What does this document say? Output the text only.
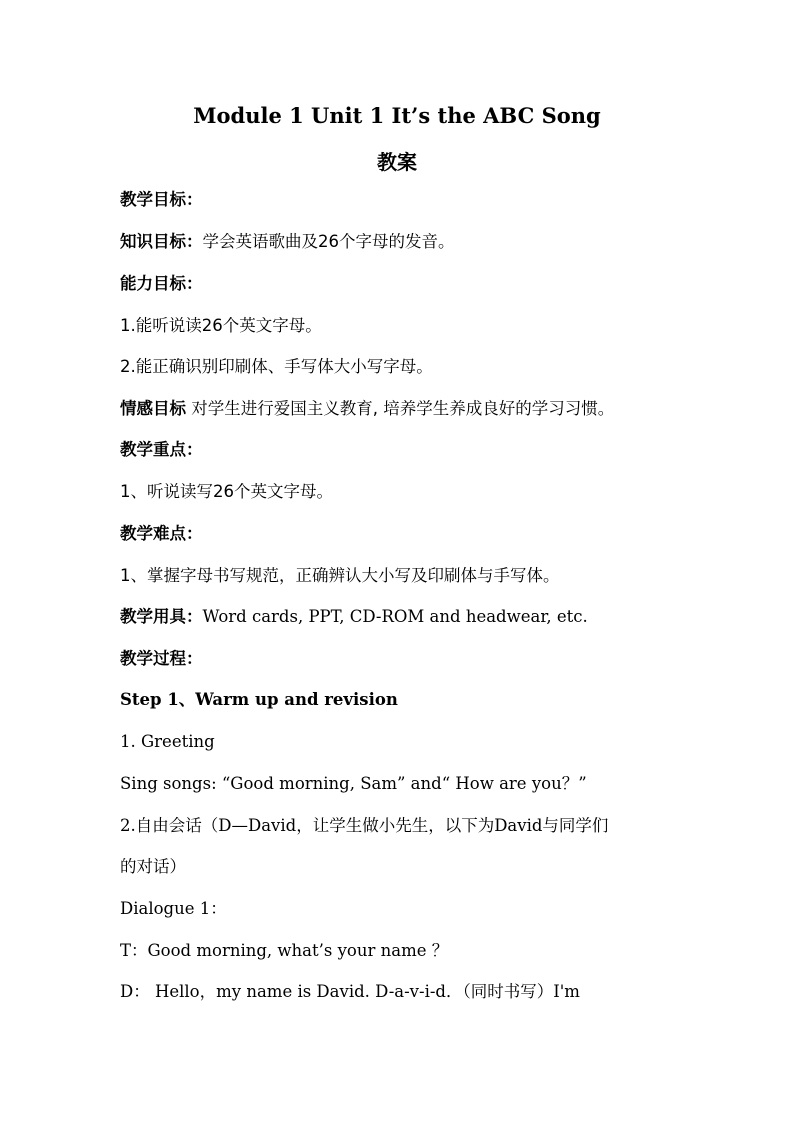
Module 1 Unit 1 It’s the ABC Song
教案
教学目标：
知识目标：学会英语歌曲及26个字母的发音。
能力目标：
1.能听说读26个英文字母。
2.能正确识别印刷体、手写体大小写字母。
情感目标 对学生进行爱国主义教育, 培养学生养成良好的学习习惯。
教学重点：
1、听说读写26个英文字母。
教学难点：
1、掌握字母书写规范，正确辨认大小写及印刷体与手写体。
教学用具：Word cards, PPT, CD-ROM and headwear, etc.
教学过程：
Step 1、Warm up and revision
1. Greeting
Sing songs: “Good morning, Sam” and“ How are you？”
2.自由会话（D—David，让学生做小先生，以下为David与同学们
的对话）
Dialogue 1：
T：Good morning, what’s your name ？
D： Hello，my name is David. D-a-v-i-d．（同时书写）I'm
